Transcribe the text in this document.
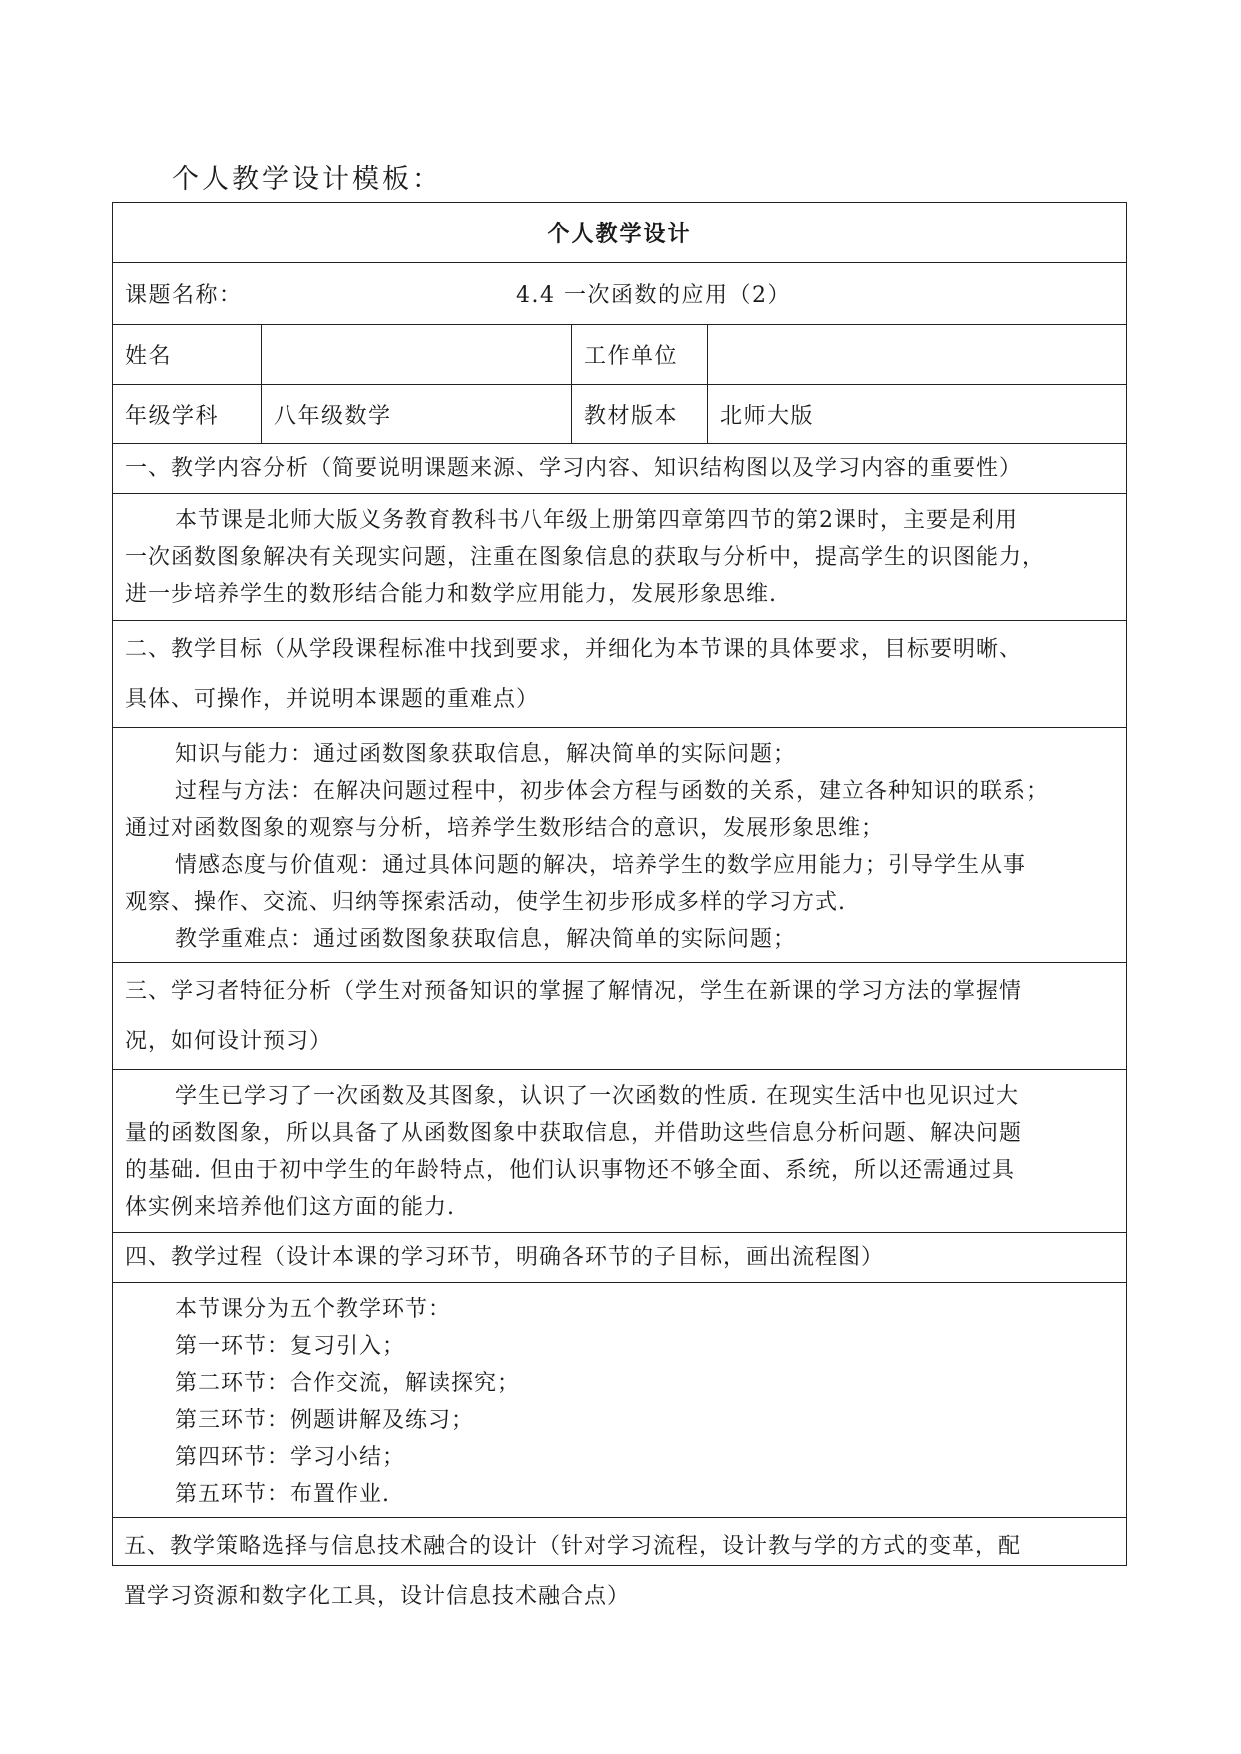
个人教学设计模板：
个人教学设计
课题名称：	4.4 一次函数的应用（2）
姓名	工作单位
年级学科	八年级数学	教材版本	北师大版
一、教学内容分析（简要说明课题来源、学习内容、知识结构图以及学习内容的重要性）
本节课是北师大版义务教育教科书八年级上册第四章第四节的第2课时，主要是利用
一次函数图象解决有关现实问题，注重在图象信息的获取与分析中，提高学生的识图能力，
进一步培养学生的数形结合能力和数学应用能力，发展形象思维.
二、教学目标（从学段课程标准中找到要求，并细化为本节课的具体要求，目标要明晰、
具体、可操作，并说明本课题的重难点）
知识与能力：通过函数图象获取信息，解决简单的实际问题；
过程与方法：在解决问题过程中，初步体会方程与函数的关系，建立各种知识的联系；
通过对函数图象的观察与分析，培养学生数形结合的意识，发展形象思维；
情感态度与价值观：通过具体问题的解决，培养学生的数学应用能力；引导学生从事
观察、操作、交流、归纳等探索活动，使学生初步形成多样的学习方式.
教学重难点：通过函数图象获取信息，解决简单的实际问题；
三、学习者特征分析（学生对预备知识的掌握了解情况，学生在新课的学习方法的掌握情
况，如何设计预习）
学生已学习了一次函数及其图象，认识了一次函数的性质. 在现实生活中也见识过大
量的函数图象，所以具备了从函数图象中获取信息，并借助这些信息分析问题、解决问题
的基础. 但由于初中学生的年龄特点，他们认识事物还不够全面、系统，所以还需通过具
体实例来培养他们这方面的能力.
四、教学过程（设计本课的学习环节，明确各环节的子目标，画出流程图）
本节课分为五个教学环节：
第一环节：复习引入；
第二环节：合作交流，解读探究；
第三环节：例题讲解及练习；
第四环节：学习小结；
第五环节：布置作业.
五、教学策略选择与信息技术融合的设计（针对学习流程，设计教与学的方式的变革，配
置学习资源和数字化工具，设计信息技术融合点）
